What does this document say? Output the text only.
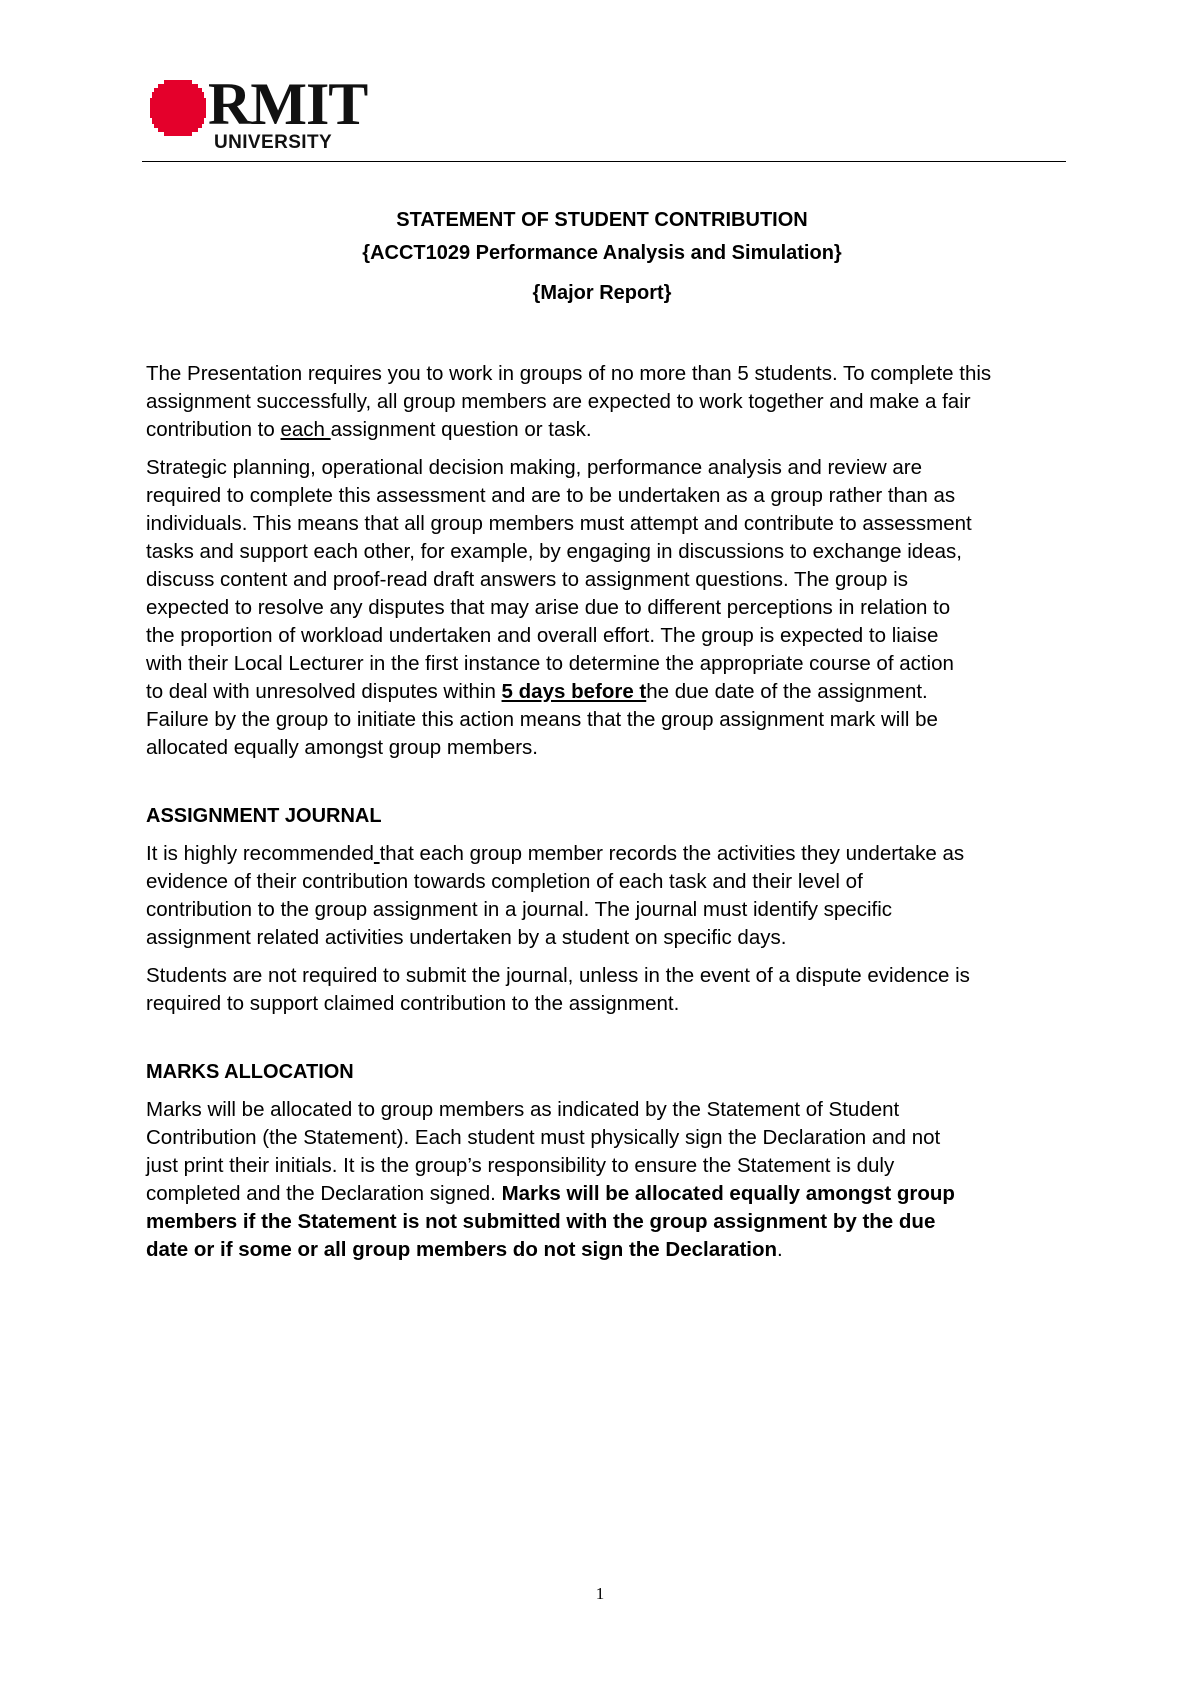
RMIT
UNIVERSITY
STATEMENT OF STUDENT CONTRIBUTION
{ACCT1029 Performance Analysis and Simulation}
{Major Report}

The Presentation requires you to work in groups of no more than 5 students. To complete this
assignment successfully, all group members are expected to work together and make a fair
contribution to each assignment question or task.

Strategic planning, operational decision making, performance analysis and review are
required to complete this assessment and are to be undertaken as a group rather than as
individuals. This means that all group members must attempt and contribute to assessment
tasks and support each other, for example, by engaging in discussions to exchange ideas,
discuss content and proof-read draft answers to assignment questions. The group is
expected to resolve any disputes that may arise due to different perceptions in relation to
the proportion of workload undertaken and overall effort. The group is expected to liaise
with their Local Lecturer in the first instance to determine the appropriate course of action
to deal with unresolved disputes within 5 days before the due date of the assignment.
Failure by the group to initiate this action means that the group assignment mark will be
allocated equally amongst group members.

ASSIGNMENT JOURNAL

It is highly recommended that each group member records the activities they undertake as
evidence of their contribution towards completion of each task and their level of
contribution to the group assignment in a journal. The journal must identify specific
assignment related activities undertaken by a student on specific days.

Students are not required to submit the journal, unless in the event of a dispute evidence is
required to support claimed contribution to the assignment.

MARKS ALLOCATION

Marks will be allocated to group members as indicated by the Statement of Student
Contribution (the Statement). Each student must physically sign the Declaration and not
just print their initials. It is the group’s responsibility to ensure the Statement is duly
completed and the Declaration signed. Marks will be allocated equally amongst group
members if the Statement is not submitted with the group assignment by the due
date or if some or all group members do not sign the Declaration.

1
